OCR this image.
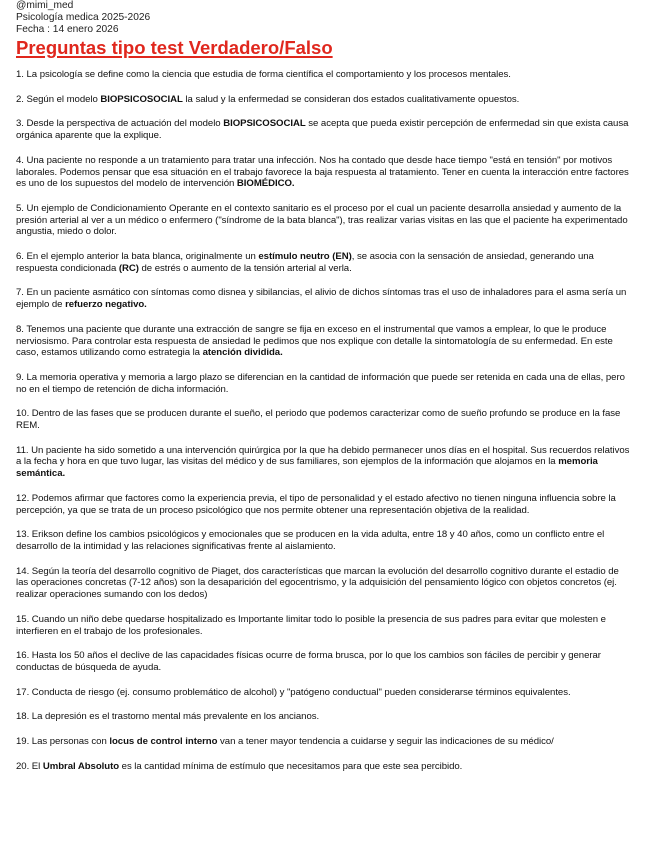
@mimi_med
Psicología medica 2025-2026
Fecha : 14 enero 2026
Preguntas tipo test Verdadero/Falso
1. La psicología se define como la ciencia que estudia de forma científica el comportamiento y los procesos mentales.
2. Según el modelo BIOPSICOSOCIAL la salud y la enfermedad se consideran dos estados cualitativamente opuestos.
3. Desde la perspectiva de actuación del modelo BIOPSICOSOCIAL se acepta que pueda existir percepción de enfermedad sin que exista causa orgánica aparente que la explique.
4. Una paciente no responde a un tratamiento para tratar una infección. Nos ha contado que desde hace tiempo "está en tensión" por motivos laborales. Podemos pensar que esa situación en el trabajo favorece la baja respuesta al tratamiento. Tener en cuenta la interacción entre factores es uno de los supuestos del modelo de intervención BIOMÉDICO.
5. Un ejemplo de Condicionamiento Operante en el contexto sanitario es el proceso por el cual un paciente desarrolla ansiedad y aumento de la presión arterial al ver a un médico o enfermero ("síndrome de la bata blanca"), tras realizar varias visitas en las que el paciente ha experimentado angustia, miedo o dolor.
6. En el ejemplo anterior la bata blanca, originalmente un estímulo neutro (EN), se asocia con la sensación de ansiedad, generando una respuesta condicionada (RC) de estrés o aumento de la tensión arterial al verla.
7. En un paciente asmático con síntomas como disnea y sibilancias, el alivio de dichos síntomas tras el uso de inhaladores para el asma sería un ejemplo de refuerzo negativo.
8. Tenemos una paciente que durante una extracción de sangre se fija en exceso en el instrumental que vamos a emplear, lo que le produce nerviosismo. Para controlar esta respuesta de ansiedad le pedimos que nos explique con detalle la sintomatología de su enfermedad. En este caso, estamos utilizando como estrategia la atención dividida.
9. La memoria operativa y memoria a largo plazo se diferencian en la cantidad de información que puede ser retenida en cada una de ellas, pero no en el tiempo de retención de dicha información.
10. Dentro de las fases que se producen durante el sueño, el periodo que podemos caracterizar como de sueño profundo se produce en la fase REM.
11. Un paciente ha sido sometido a una intervención quirúrgica por la que ha debido permanecer unos días en el hospital. Sus recuerdos relativos a la fecha y hora en que tuvo lugar, las visitas del médico y de sus familiares, son ejemplos de la información que alojamos en la memoria semántica.
12. Podemos afirmar que factores como la experiencia previa, el tipo de personalidad y el estado afectivo no tienen ninguna influencia sobre la percepción, ya que se trata de un proceso psicológico que nos permite obtener una representación objetiva de la realidad.
13. Erikson define los cambios psicológicos y emocionales que se producen en la vida adulta, entre 18 y 40 años, como un conflicto entre el desarrollo de la intimidad y las relaciones significativas frente al aislamiento.
14. Según la teoría del desarrollo cognitivo de Piaget, dos características que marcan la evolución del desarrollo cognitivo durante el estadio de las operaciones concretas (7-12 años) son la desaparición del egocentrismo, y la adquisición del pensamiento lógico con objetos concretos (ej. realizar operaciones sumando con los dedos)
15. Cuando un niño debe quedarse hospitalizado es Importante limitar todo lo posible la presencia de sus padres para evitar que molesten e interfieren en el trabajo de los profesionales.
16. Hasta los 50 años el declive de las capacidades físicas ocurre de forma brusca, por lo que los cambios son fáciles de percibir y generar conductas de búsqueda de ayuda.
17. Conducta de riesgo (ej. consumo problemático de alcohol) y "patógeno conductual" pueden considerarse términos equivalentes.
18. La depresión es el trastorno mental más prevalente en los ancianos.
19. Las personas con locus de control interno van a tener mayor tendencia a cuidarse y seguir las indicaciones de su médico/
20. El Umbral Absoluto es la cantidad mínima de estímulo que necesitamos para que este sea percibido.
